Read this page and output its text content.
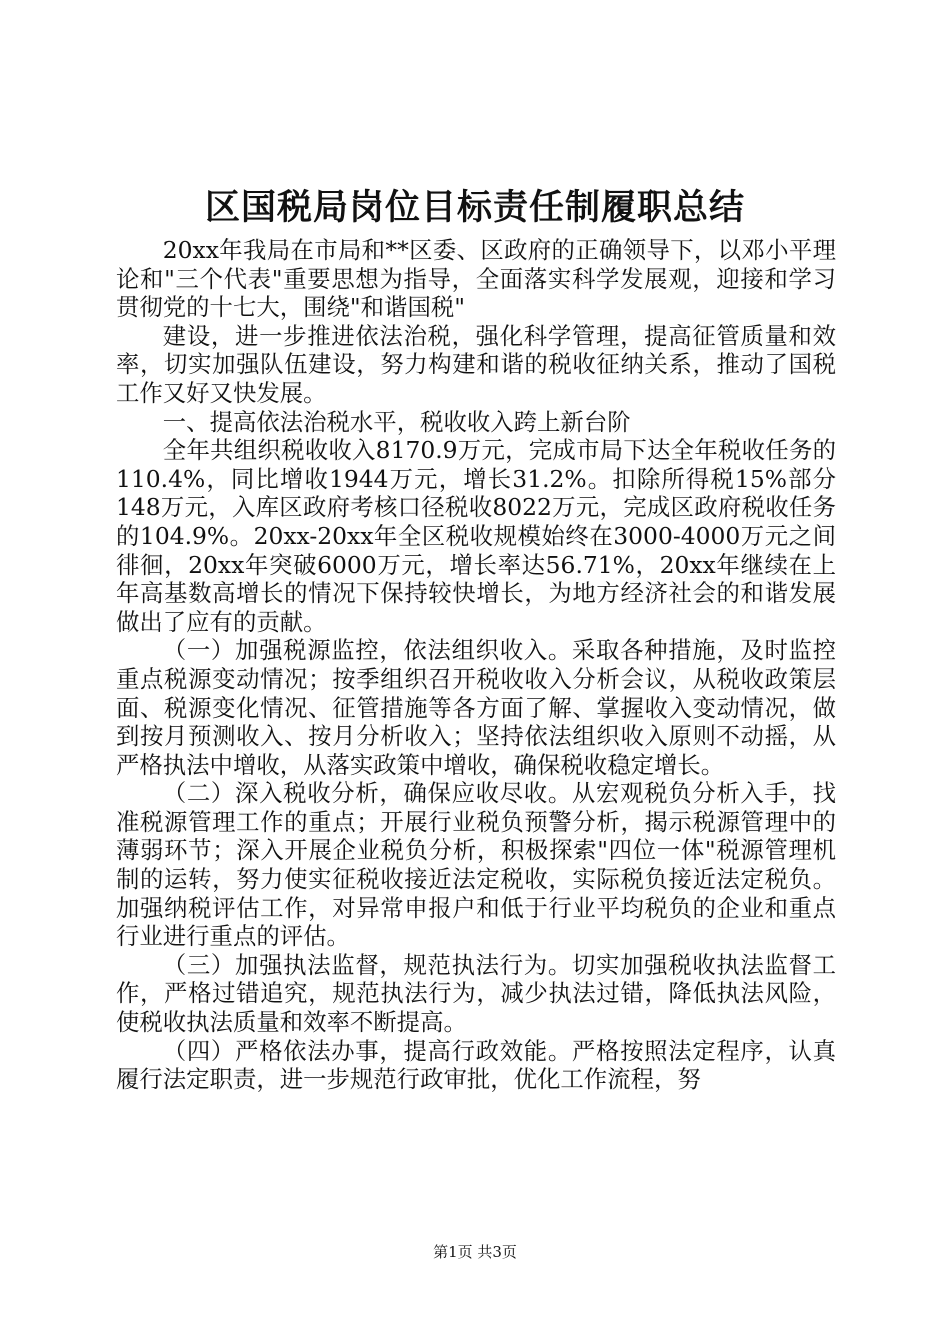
区国税局岗位目标责任制履职总结

20xx年我局在市局和**区委、区政府的正确领导下，以邓小平理论和"三个代表"重要思想为指导，全面落实科学发展观，迎接和学习贯彻党的十七大，围绕"和谐国税"

建设，进一步推进依法治税，强化科学管理，提高征管质量和效率，切实加强队伍建设，努力构建和谐的税收征纳关系，推动了国税工作又好又快发展。

一、提高依法治税水平，税收收入跨上新台阶

全年共组织税收收入8170.9万元，完成市局下达全年税收任务的110.4%，同比增收1944万元，增长31.2%。扣除所得税15%部分148万元，入库区政府考核口径税收8022万元，完成区政府税收任务的104.9%。20xx-20xx年全区税收规模始终在3000-4000万元之间徘徊，20xx年突破6000万元，增长率达56.71%，20xx年继续在上年高基数高增长的情况下保持较快增长，为地方经济社会的和谐发展做出了应有的贡献。

（一）加强税源监控，依法组织收入。采取各种措施，及时监控重点税源变动情况；按季组织召开税收收入分析会议，从税收政策层面、税源变化情况、征管措施等各方面了解、掌握收入变动情况，做到按月预测收入、按月分析收入；坚持依法组织收入原则不动摇，从严格执法中增收，从落实政策中增收，确保税收稳定增长。

（二）深入税收分析，确保应收尽收。从宏观税负分析入手，找准税源管理工作的重点；开展行业税负预警分析，揭示税源管理中的薄弱环节；深入开展企业税负分析，积极探索"四位一体"税源管理机制的运转，努力使实征税收接近法定税收，实际税负接近法定税负。加强纳税评估工作，对异常申报户和低于行业平均税负的企业和重点行业进行重点的评估。

（三）加强执法监督，规范执法行为。切实加强税收执法监督工作，严格过错追究，规范执法行为，减少执法过错，降低执法风险，使税收执法质量和效率不断提高。

（四）严格依法办事，提高行政效能。严格按照法定程序，认真履行法定职责，进一步规范行政审批，优化工作流程，努

第1页 共3页
